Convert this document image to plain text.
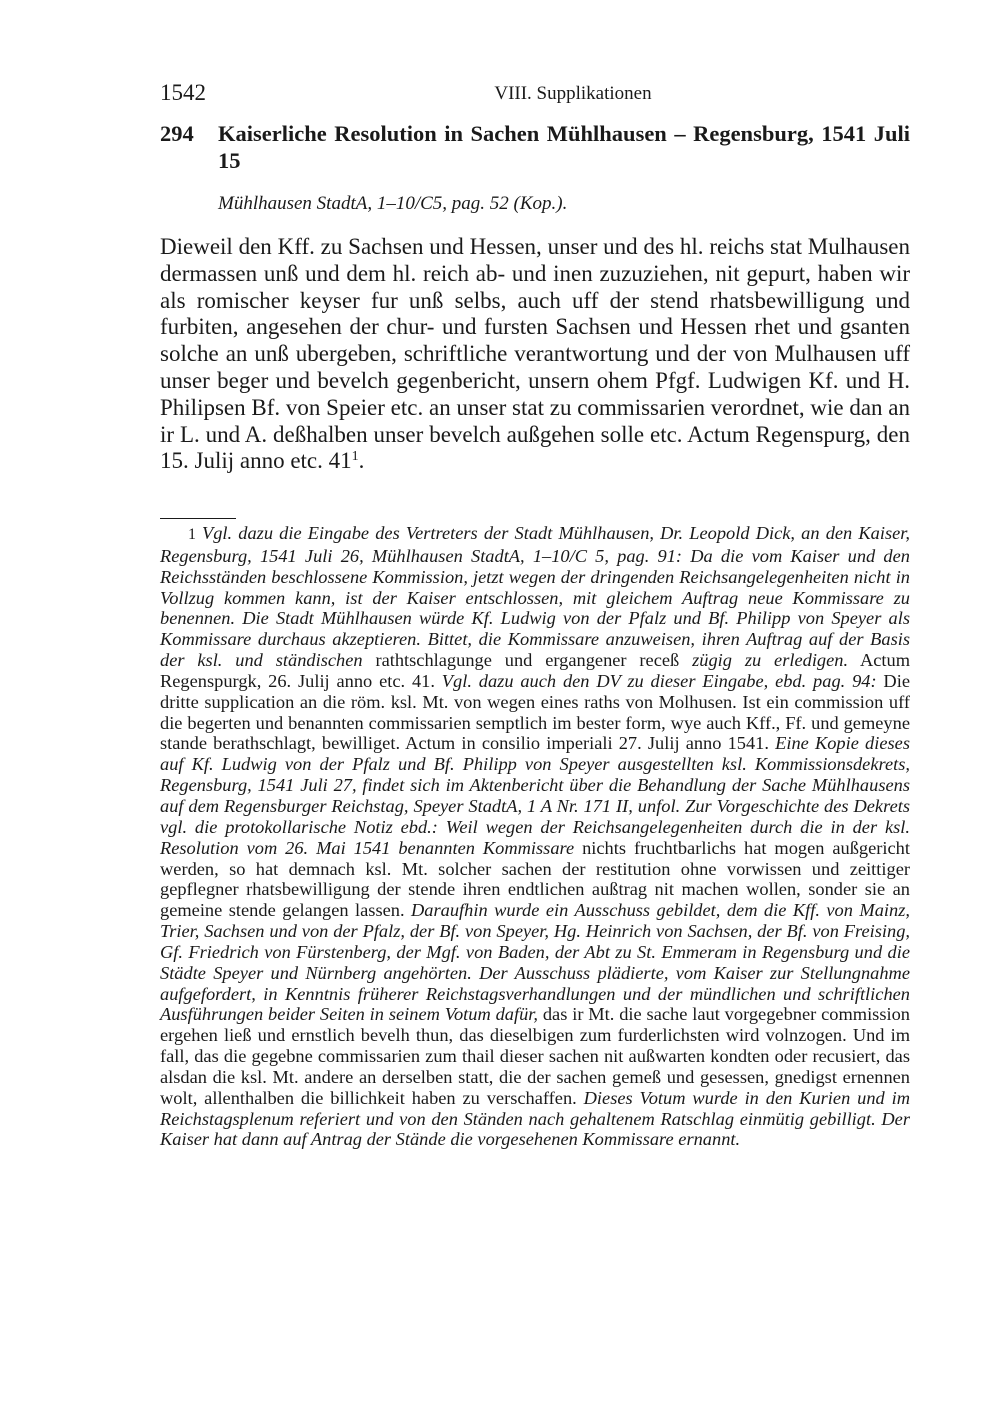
1542	VIII. Supplikationen
294	Kaiserliche Resolution in Sachen Mühlhausen – Regensburg, 1541 Juli 15
Mühlhausen StadtA, 1–10/C5, pag. 52 (Kop.).

Dieweil den Kff. zu Sachsen und Hessen, unser und des hl. reichs stat Mulhausen dermassen unß und dem hl. reich ab- und inen zuzuziehen, nit gepurt, haben wir als romischer keyser fur unß selbs, auch uff der stend rhatsbewilligung und furbiten, angesehen der chur- und fursten Sachsen und Hessen rhet und gsanten solche an unß ubergeben, schriftliche verantwortung und der von Mulhausen uff unser beger und bevelch gegenbericht, unsern ohem Pfgf. Ludwigen Kf. und H. Philipsen Bf. von Speier etc. an unser stat zu commissarien verordnet, wie dan an ir L. und A. deßhalben unser bevelch außgehen solle etc. Actum Regenspurg, den 15. Julij anno etc. $41^1$.

1 Vgl. dazu die Eingabe des Vertreters der Stadt Mühlhausen, Dr. Leopold Dick, an den Kaiser, Regensburg, 1541 Juli 26, Mühlhausen StadtA, 1–10/C 5, pag. 91: Da die vom Kaiser und den Reichsständen beschlossene Kommission, jetzt wegen der dringenden Reichsangelegenheiten nicht in Vollzug kommen kann, ist der Kaiser entschlossen, mit gleichem Auftrag neue Kommissare zu benennen. Die Stadt Mühlhausen würde Kf. Ludwig von der Pfalz und Bf. Philipp von Speyer als Kommissare durchaus akzeptieren. Bittet, die Kommissare anzuweisen, ihren Auftrag auf der Basis der ksl. und ständischen rathtschlagunge und ergangener receß zügig zu erledigen. Actum Regenspurgk, 26. Julij anno etc. 41. Vgl. dazu auch den DV zu dieser Eingabe, ebd. pag. 94: Die dritte supplication an die röm. ksl. Mt. von wegen eines raths von Molhusen. Ist ein commission uff die begerten und benannten commissarien semptlich im bester form, wye auch Kff., Ff. und gemeyne stande berathschlagt, bewilliget. Actum in consilio imperiali 27. Julij anno 1541. Eine Kopie dieses auf Kf. Ludwig von der Pfalz und Bf. Philipp von Speyer ausgestellten ksl. Kommissionsdekrets, Regensburg, 1541 Juli 27, findet sich im Aktenbericht über die Behandlung der Sache Mühlhausens auf dem Regensburger Reichstag, Speyer StadtA, 1 A Nr. 171 II, unfol. Zur Vorgeschichte des Dekrets vgl. die protokollarische Notiz ebd.: Weil wegen der Reichsangelegenheiten durch die in der ksl. Resolution vom 26. Mai 1541 benannten Kommissare nichts fruchtbarlichs hat mogen außgericht werden, so hat demnach ksl. Mt. solcher sachen der restitution ohne vorwissen und zeittiger gepflegner rhatsbewilligung der stende ihren endtlichen außtrag nit machen wollen, sonder sie an gemeine stende gelangen lassen. Daraufhin wurde ein Ausschuss gebildet, dem die Kff. von Mainz, Trier, Sachsen und von der Pfalz, der Bf. von Speyer, Hg. Heinrich von Sachsen, der Bf. von Freising, Gf. Friedrich von Fürstenberg, der Mgf. von Baden, der Abt zu St. Emmeram in Regensburg und die Städte Speyer und Nürnberg angehörten. Der Ausschuss plädierte, vom Kaiser zur Stellungnahme aufgefordert, in Kenntnis früherer Reichstagsverhandlungen und der mündlichen und schriftlichen Ausführungen beider Seiten in seinem Votum dafür, das ir Mt. die sache laut vorgegebner commission ergehen ließ und ernstlich bevelh thun, das dieselbigen zum furderlichsten wird volnzogen. Und im fall, das die gegebne commissarien zum thail dieser sachen nit außwarten kondten oder recusiert, das alsdan die ksl. Mt. andere an derselben statt, die der sachen gemeß und gesessen, gnedigst ernennen wolt, allenthalben die billichkeit haben zu verschaffen. Dieses Votum wurde in den Kurien und im Reichstagsplenum referiert und von den Ständen nach gehaltenem Ratschlag einmütig gebilligt. Der Kaiser hat dann auf Antrag der Stände die vorgesehenen Kommissare ernannt.
